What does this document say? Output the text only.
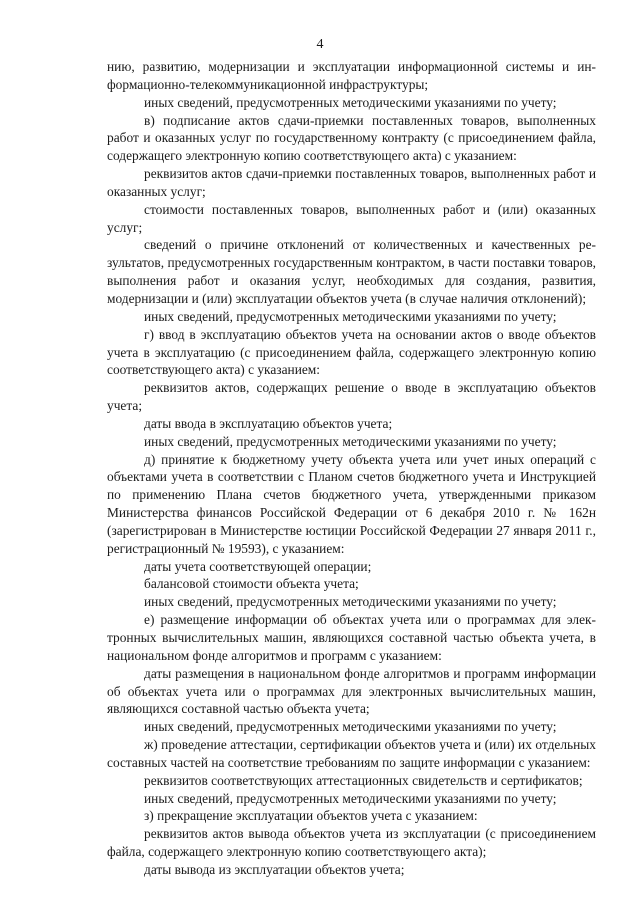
4

нию, развитию, модернизации и эксплуатации информационной системы и информационно-телекоммуникационной инфраструктуры;

иных сведений, предусмотренных методическими указаниями по учету;

в) подписание актов сдачи-приемки поставленных товаров, выполненных работ и оказанных услуг по государственному контракту (с присоединением файла, содержащего электронную копию соответствующего акта) с указанием:

реквизитов актов сдачи-приемки поставленных товаров, выполненных работ и оказанных услуг;

стоимости поставленных товаров, выполненных работ и (или) оказанных услуг;

сведений о причине отклонений от количественных и качественных результатов, предусмотренных государственным контрактом, в части поставки товаров, выполнения работ и оказания услуг, необходимых для создания, развития, модернизации и (или) эксплуатации объектов учета (в случае наличия отклонений);

иных сведений, предусмотренных методическими указаниями по учету;

г) ввод в эксплуатацию объектов учета на основании актов о вводе объектов учета в эксплуатацию (с присоединением файла, содержащего электронную копию соответствующего акта) с указанием:

реквизитов актов, содержащих решение о вводе в эксплуатацию объектов учета;

даты ввода в эксплуатацию объектов учета;

иных сведений, предусмотренных методическими указаниями по учету;

д) принятие к бюджетному учету объекта учета или учет иных операций с объектами учета в соответствии с Планом счетов бюджетного учета и Инструкцией по применению Плана счетов бюджетного учета, утвержденными приказом Министерства финансов Российской Федерации от 6 декабря 2010 г. № 162н (зарегистрирован в Министерстве юстиции Российской Федерации 27 января 2011 г., регистрационный № 19593), с указанием:

даты учета соответствующей операции;

балансовой стоимости объекта учета;

иных сведений, предусмотренных методическими указаниями по учету;

е) размещение информации об объектах учета или о программах для электронных вычислительных машин, являющихся составной частью объекта учета, в национальном фонде алгоритмов и программ с указанием:

даты размещения в национальном фонде алгоритмов и программ информации об объектах учета или о программах для электронных вычислительных машин, являющихся составной частью объекта учета;

иных сведений, предусмотренных методическими указаниями по учету;

ж) проведение аттестации, сертификации объектов учета и (или) их отдельных составных частей на соответствие требованиям по защите информации с указанием:

реквизитов соответствующих аттестационных свидетельств и сертификатов;

иных сведений, предусмотренных методическими указаниями по учету;

з) прекращение эксплуатации объектов учета с указанием:

реквизитов актов вывода объектов учета из эксплуатации (с присоединением файла, содержащего электронную копию соответствующего акта);

даты вывода из эксплуатации объектов учета;
